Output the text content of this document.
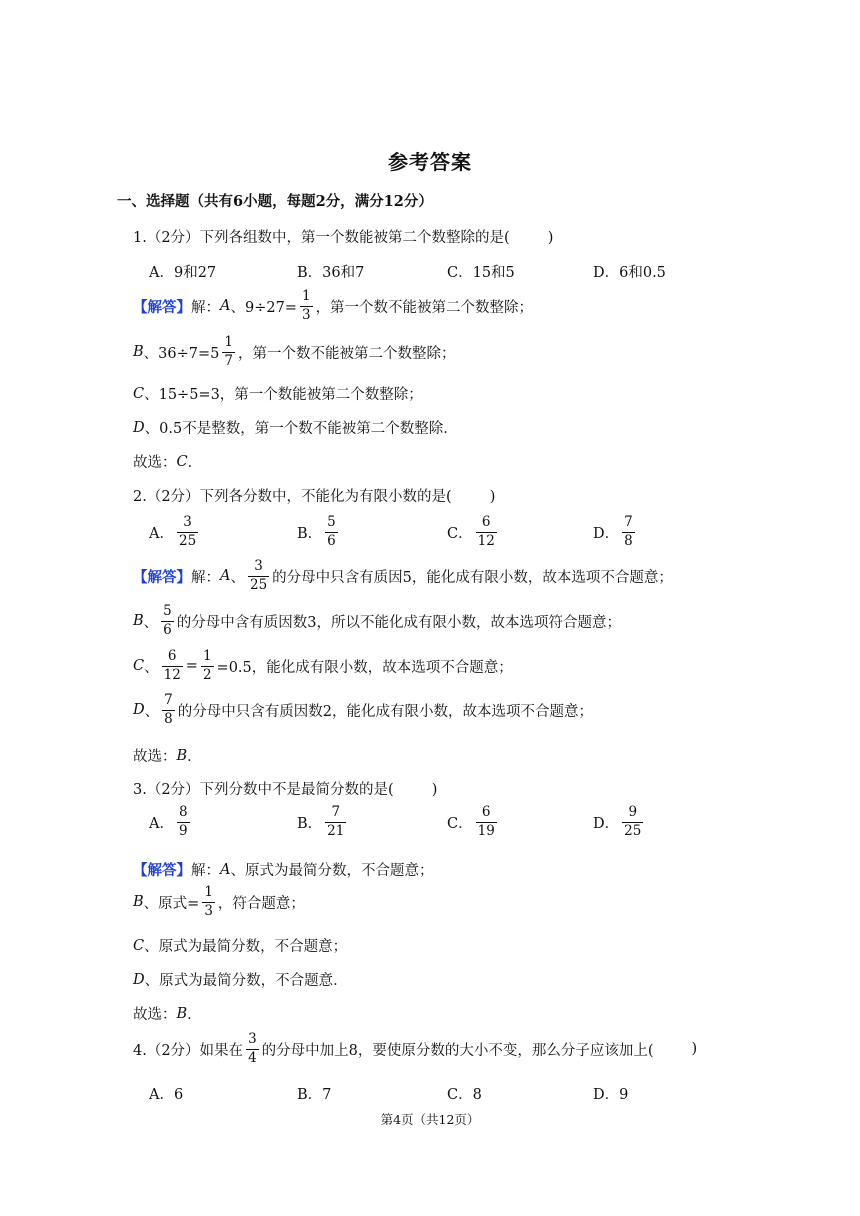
参考答案
一、选择题（共有6小题，每题2分，满分12分）
1.（2分）下列各组数中，第一个数能被第二个数整除的是(	)
A．9和27	B．36和7	C．15和5	D．6和0.5
【解答】 解： A 、$9\div 27= \frac{1}{3}$ ，第一个数不能被第二个数整除；
B 、$36\div 7=5 \frac{1}{7}$ ，第一个数不能被第二个数整除；
C 、15÷5=3，第一个数能被第二个数整除；
D 、0.5不是整数，第一个数不能被第二个数整除．
故选： C ．
2.（2分）下列各分数中，不能化为有限小数的是(	)
A． $\frac{3}{25}$	B． $\frac{5}{6}$	C． $\frac{6}{12}$	D． $\frac{7}{8}$
【解答】 解： A 、 $\frac{3}{25}$ 的分母中只含有质因5，能化成有限小数，故本选项不合题意；
B 、 $\frac{5}{6}$ 的分母中含有质因数3，所以不能化成有限小数，故本选项符合题意；
C 、 $\frac{6}{12} = \frac{1}{2} =0.5$，能化成有限小数，故本选项不合题意；
D 、 $\frac{7}{8}$ 的分母中只含有质因数2，能化成有限小数，故本选项不合题意；
故选： B ．
3.（2分）下列分数中不是最简分数的是(	)
A． $\frac{8}{9}$	B． $\frac{7}{21}$	C． $\frac{6}{19}$	D． $\frac{9}{25}$
【解答】 解： A 、原式为最简分数，不合题意；
B 、原式= $\frac{1}{3}$ ，符合题意；
C 、原式为最简分数，不合题意；
D 、原式为最简分数，不合题意．
故选： B ．
4.（2分）如果在 $\frac{3}{4}$ 的分母中加上8，要使原分数的大小不变，那么分子应该加上(	)
A．6	B．7	C．8	D．9
第4页（共12页）
